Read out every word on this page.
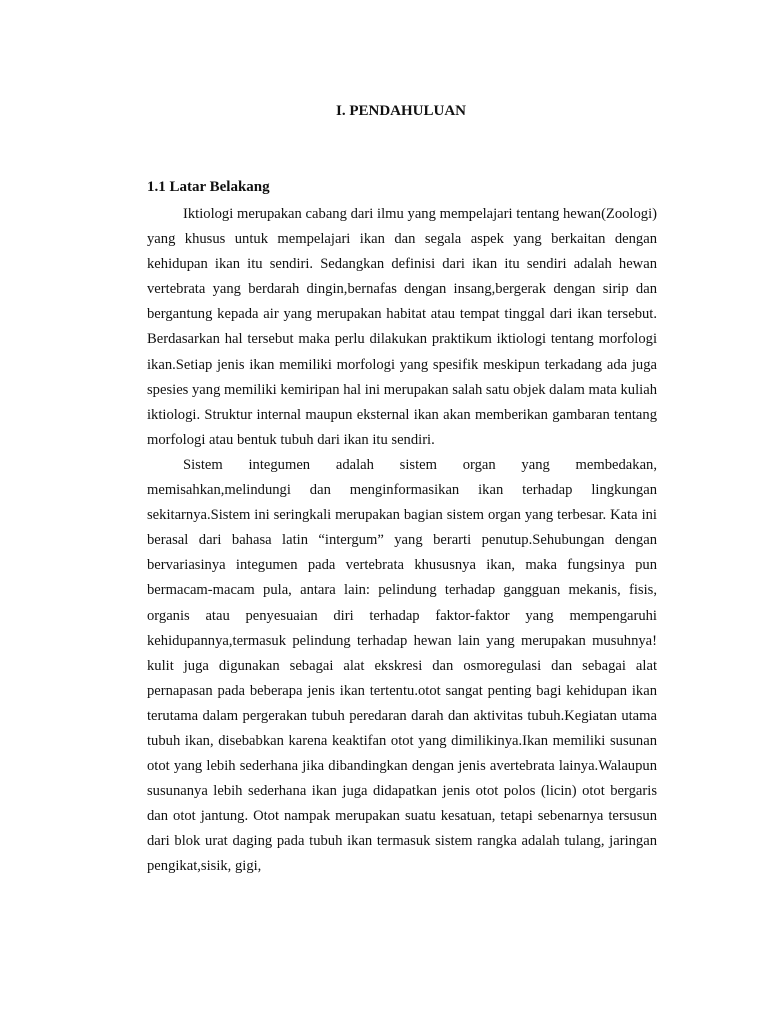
I. PENDAHULUAN
1.1 Latar Belakang

Iktiologi merupakan cabang dari ilmu yang mempelajari tentang hewan(Zoologi) yang khusus untuk mempelajari ikan dan segala aspek yang berkaitan dengan kehidupan ikan itu sendiri. Sedangkan definisi dari ikan itu sendiri adalah hewan vertebrata yang berdarah dingin,bernafas dengan insang,bergerak dengan sirip dan bergantung kepada air yang merupakan habitat atau tempat tinggal dari ikan tersebut. Berdasarkan hal tersebut maka perlu dilakukan praktikum iktiologi tentang morfologi ikan.Setiap jenis ikan memiliki morfologi yang spesifik meskipun terkadang ada juga spesies yang memiliki kemiripan hal ini merupakan salah satu objek dalam mata kuliah iktiologi. Struktur internal maupun eksternal ikan akan memberikan gambaran tentang morfologi atau bentuk tubuh dari ikan itu sendiri.

Sistem integumen adalah sistem organ yang membedakan, memisahkan,melindungi dan menginformasikan ikan terhadap lingkungan sekitarnya.Sistem ini seringkali merupakan bagian sistem organ yang terbesar. Kata ini berasal dari bahasa latin “intergum” yang berarti penutup.Sehubungan dengan bervariasinya integumen pada vertebrata khususnya ikan, maka fungsinya pun bermacam-macam pula, antara lain: pelindung terhadap gangguan mekanis, fisis, organis atau penyesuaian diri terhadap faktor-faktor yang mempengaruhi kehidupannya,termasuk pelindung terhadap hewan lain yang merupakan musuhnya! kulit juga digunakan sebagai alat ekskresi dan osmoregulasi dan sebagai alat pernapasan pada beberapa jenis ikan tertentu.otot sangat penting bagi kehidupan ikan terutama dalam pergerakan tubuh peredaran darah dan aktivitas tubuh.Kegiatan utama tubuh ikan, disebabkan karena keaktifan otot yang dimilikinya.Ikan memiliki susunan otot yang lebih sederhana jika dibandingkan dengan jenis avertebrata lainya.Walaupun susunanya lebih sederhana ikan juga didapatkan jenis otot polos (licin) otot bergaris dan otot jantung. Otot nampak merupakan suatu kesatuan, tetapi sebenarnya tersusun dari blok urat daging pada tubuh ikan termasuk sistem rangka adalah tulang, jaringan pengikat,sisik, gigi,
